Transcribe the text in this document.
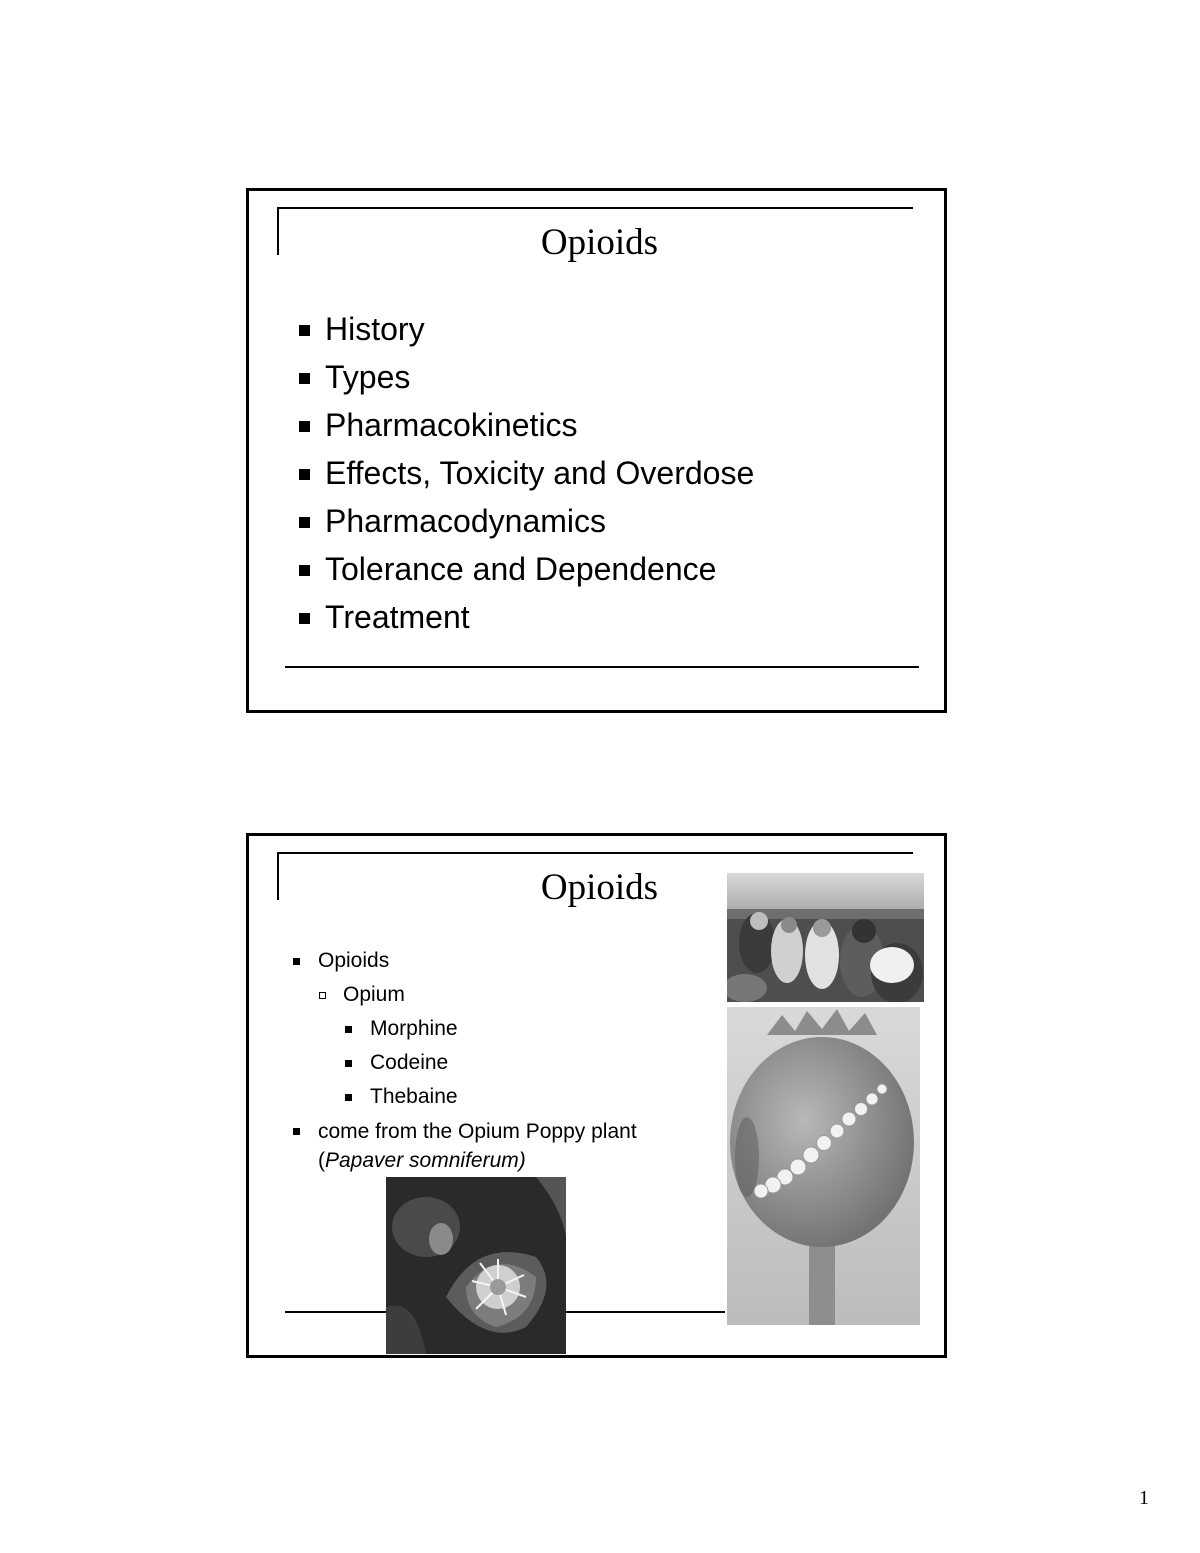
Opioids
History
Types
Pharmacokinetics
Effects, Toxicity and Overdose
Pharmacodynamics
Tolerance and Dependence
Treatment
Opioids
Opioids
Opium
Morphine
Codeine
Thebaine
come from the Opium Poppy plant
(Papaver somniferum)
1
